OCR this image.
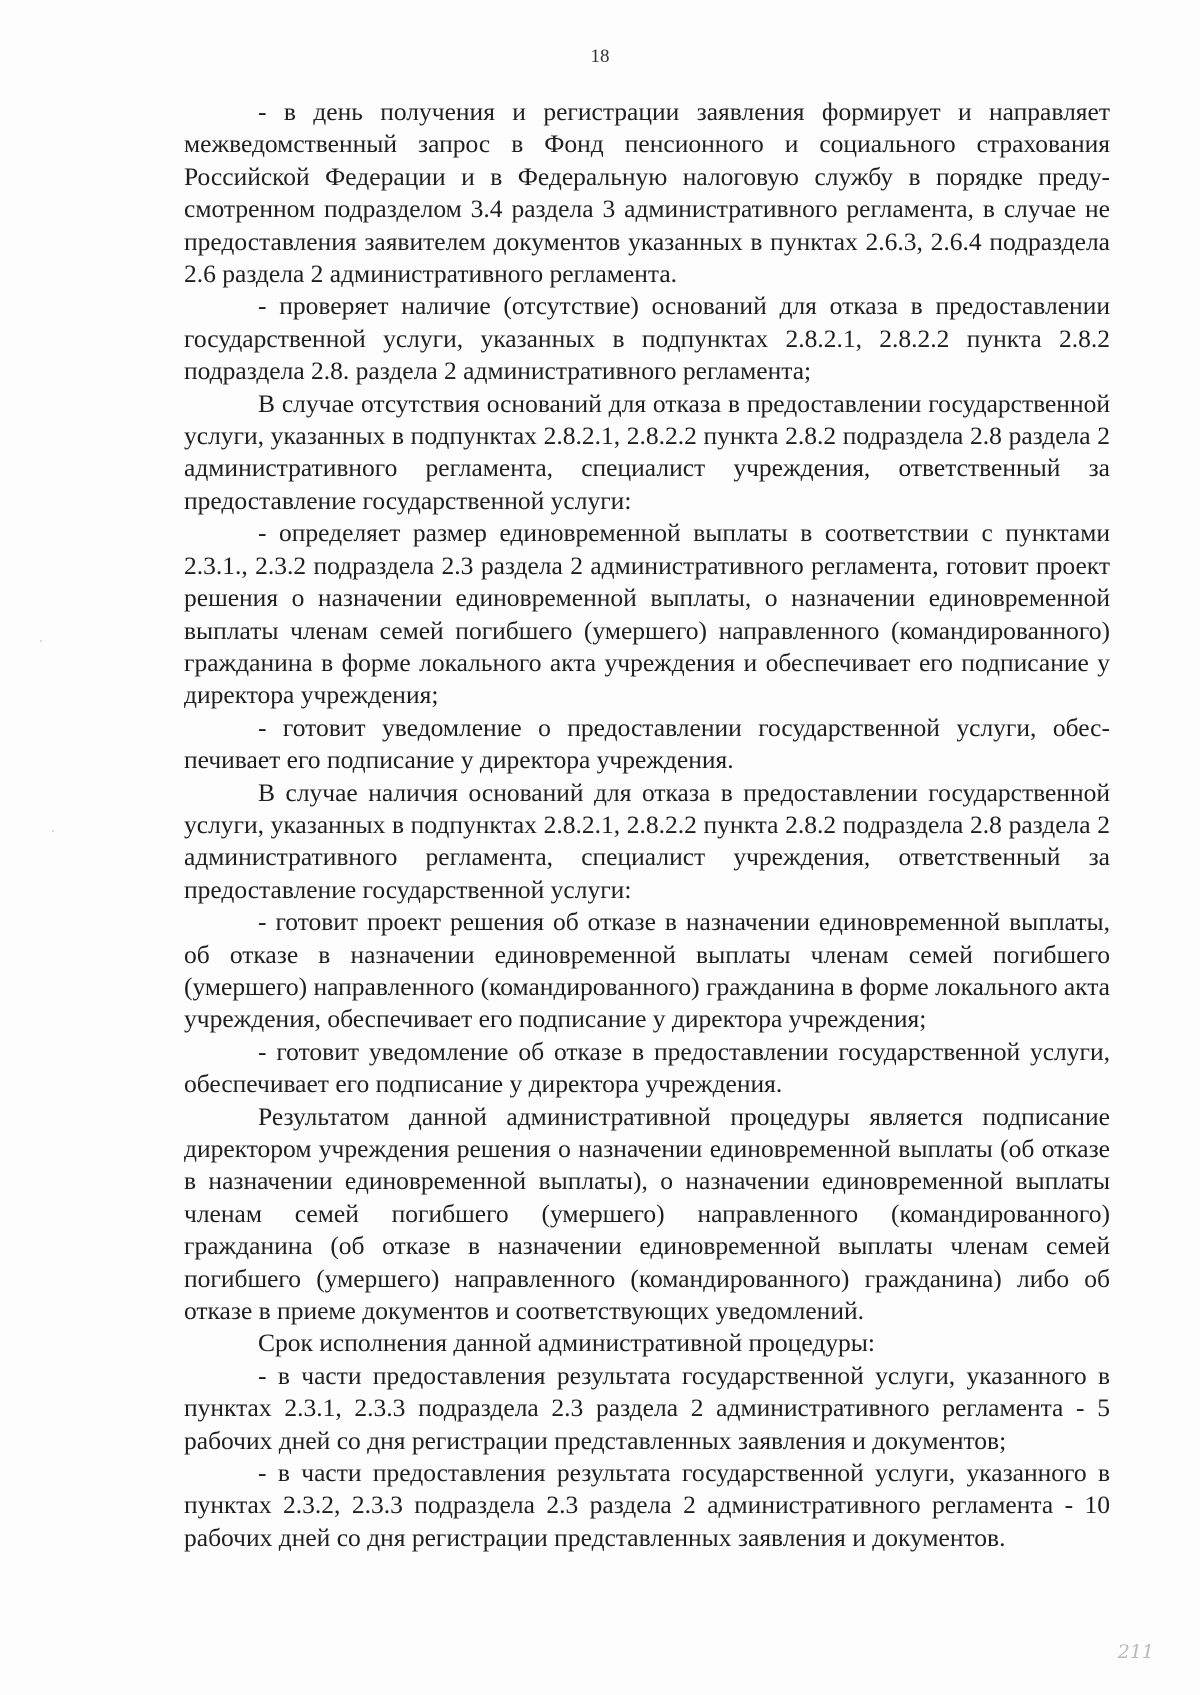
18

- в день получения и регистрации заявления формирует и направляет межведомственный запрос в Фонд пенсионного и социального страхования Российской Федерации и в Федеральную налоговую службу в порядке предусмотренном подразделом 3.4 раздела 3 административного регламента, в случае не предоставления заявителем документов указанных в пунктах 2.6.3, 2.6.4 подраздела 2.6 раздела 2 административного регламента.

- проверяет наличие (отсутствие) оснований для отказа в предоставлении государственной услуги, указанных в подпунктах 2.8.2.1, 2.8.2.2 пункта 2.8.2 подраздела 2.8. раздела 2 административного регламента;

В случае отсутствия оснований для отказа в предоставлении государственной услуги, указанных в подпунктах 2.8.2.1, 2.8.2.2 пункта 2.8.2 подраздела 2.8 раздела 2 административного регламента, специалист учреждения, ответственный за предоставление государственной услуги:

- определяет размер единовременной выплаты в соответствии с пунктами 2.3.1., 2.3.2 подраздела 2.3 раздела 2 административного регламента, готовит проект решения о назначении единовременной выплаты, о назначении единовременной выплаты членам семей погибшего (умершего) направленного (командированного) гражданина в форме локального акта учреждения и обеспечивает его подписание у директора учреждения;

- готовит уведомление о предоставлении государственной услуги, обеспечивает его подписание у директора учреждения.

В случае наличия оснований для отказа в предоставлении государственной услуги, указанных в подпунктах 2.8.2.1, 2.8.2.2 пункта 2.8.2 подраздела 2.8 раздела 2 административного регламента, специалист учреждения, ответственный за предоставление государственной услуги:

- готовит проект решения об отказе в назначении единовременной выплаты, об отказе в назначении единовременной выплаты членам семей погибшего (умершего) направленного (командированного) гражданина в форме локального акта учреждения, обеспечивает его подписание у директора учреждения;

- готовит уведомление об отказе в предоставлении государственной услуги, обеспечивает его подписание у директора учреждения.

Результатом данной административной процедуры является подписание директором учреждения решения о назначении единовременной выплаты (об отказе в назначении единовременной выплаты), о назначении единовременной выплаты членам семей погибшего (умершего) направленного (командированного) гражданина (об отказе в назначении единовременной выплаты членам семей погибшего (умершего) направленного (командированного) гражданина) либо об отказе в приеме документов и соответствующих уведомлений.

Срок исполнения данной административной процедуры:

- в части предоставления результата государственной услуги, указанного в пунктах 2.3.1, 2.3.3 подраздела 2.3 раздела 2 административного регламента - 5 рабочих дней со дня регистрации представленных заявления и документов;

- в части предоставления результата государственной услуги, указанного в пунктах 2.3.2, 2.3.3 подраздела 2.3 раздела 2 административного регламента - 10 рабочих дней со дня регистрации представленных заявления и документов.

211
